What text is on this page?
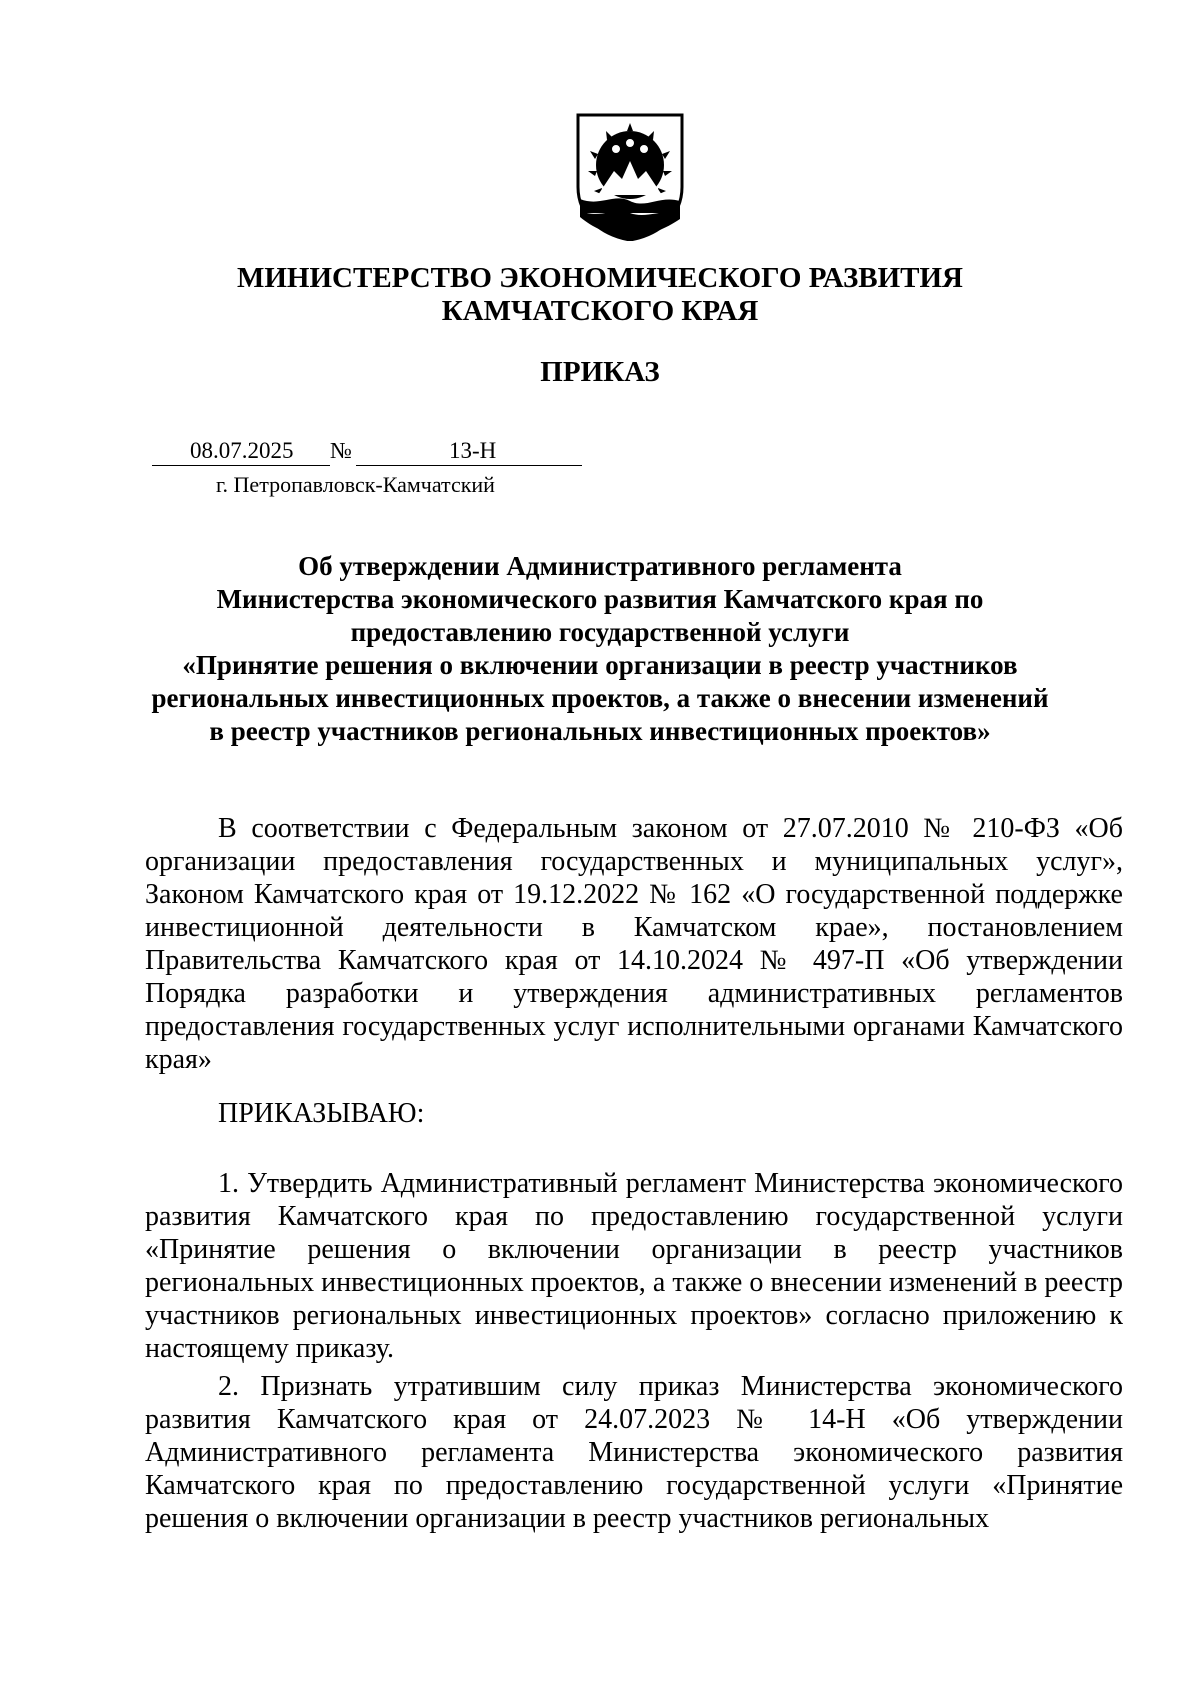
МИНИСТЕРСТВО ЭКОНОМИЧЕСКОГО РАЗВИТИЯ
КАМЧАТСКОГО КРАЯ
ПРИКАЗ
08.07.2025 №	13-Н
г. Петропавловск-Камчатский
Об утверждении Административного регламента
Министерства экономического развития Камчатского края по
предоставлению государственной услуги
«Принятие решения о включении организации в реестр участников
региональных инвестиционных проектов, а также о внесении изменений
в реестр участников региональных инвестиционных проектов»

В соответствии с Федеральным законом от 27.07.2010 № 210-ФЗ «Об организации предоставления государственных и муниципальных услуг», Законом Камчатского края от 19.12.2022 № 162 «О государственной поддержке инвестиционной деятельности в Камчатском крае», постановлением Правительства Камчатского края от 14.10.2024 № 497-П «Об утверждении Порядка разработки и утверждения административных регламентов предоставления государственных услуг исполнительными органами Камчатского края»

ПРИКАЗЫВАЮ:

1. Утвердить Административный регламент Министерства экономического развития Камчатского края по предоставлению государственной услуги «Принятие решения о включении организации в реестр участников региональных инвестиционных проектов, а также о внесении изменений в реестр участников региональных инвестиционных проектов» согласно приложению к настоящему приказу.

2. Признать утратившим силу приказ Министерства экономического развития Камчатского края от 24.07.2023 № 14-Н «Об утверждении Административного регламента Министерства экономического развития Камчатского края по предоставлению государственной услуги «Принятие решения о включении организации в реестр участников региональных
